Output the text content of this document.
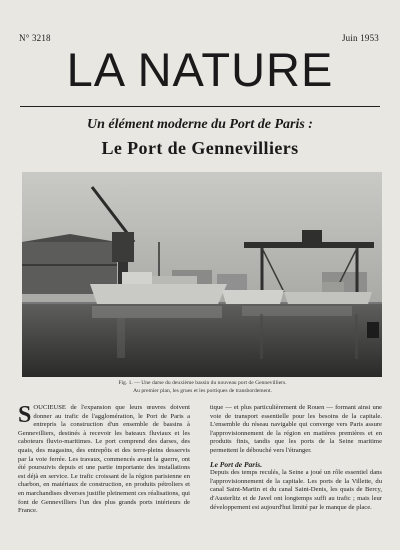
N° 3218	Juin 1953
LA NATURE
Un élément moderne du Port de Paris :
Le Port de Gennevilliers
Fig. 1. — Une darse du deuxième bassin du nouveau port de Gennevilliers.
Au premier plan, les grues et les portiques de transbordement.
S OUCIEUSE de l'expansion que leurs œuvres doivent donner au trafic de l'agglomération, le Port de Paris a entrepris la construction d'un ensemble de bassins à Gennevilliers, destinés à recevoir les bateaux fluviaux et les caboteurs fluvio-maritimes. Le port comprend des darses, des quais, des magasins, des entrepôts et des terre-pleins desservis par la voie ferrée. Les travaux, commencés avant la guerre, ont été poursuivis depuis et une partie importante des installations est déjà en service. Le trafic croissant de la région parisienne en charbon, en matériaux de construction, en produits pétroliers et en marchandises diverses justifie pleinement ces réalisations, qui font de Gennevilliers l'un des plus grands ports intérieurs de France.
tique — et plus particulièrement de Rouen — formant ainsi une voie de transport essentielle pour les besoins de la capitale. L'ensemble du réseau navigable qui converge vers Paris assure l'approvisionnement de la région en matières premières et en produits finis, tandis que les ports de la Seine maritime permettent le débouché vers l'étranger.
Le Port de Paris.
Depuis des temps reculés, la Seine a joué un rôle essentiel dans l'approvisionnement de la capitale. Les ports de la Villette, du canal Saint-Martin et du canal Saint-Denis, les quais de Bercy, d'Austerlitz et de Javel ont longtemps suffi au trafic ; mais leur développement est aujourd'hui limité par le manque de place.
